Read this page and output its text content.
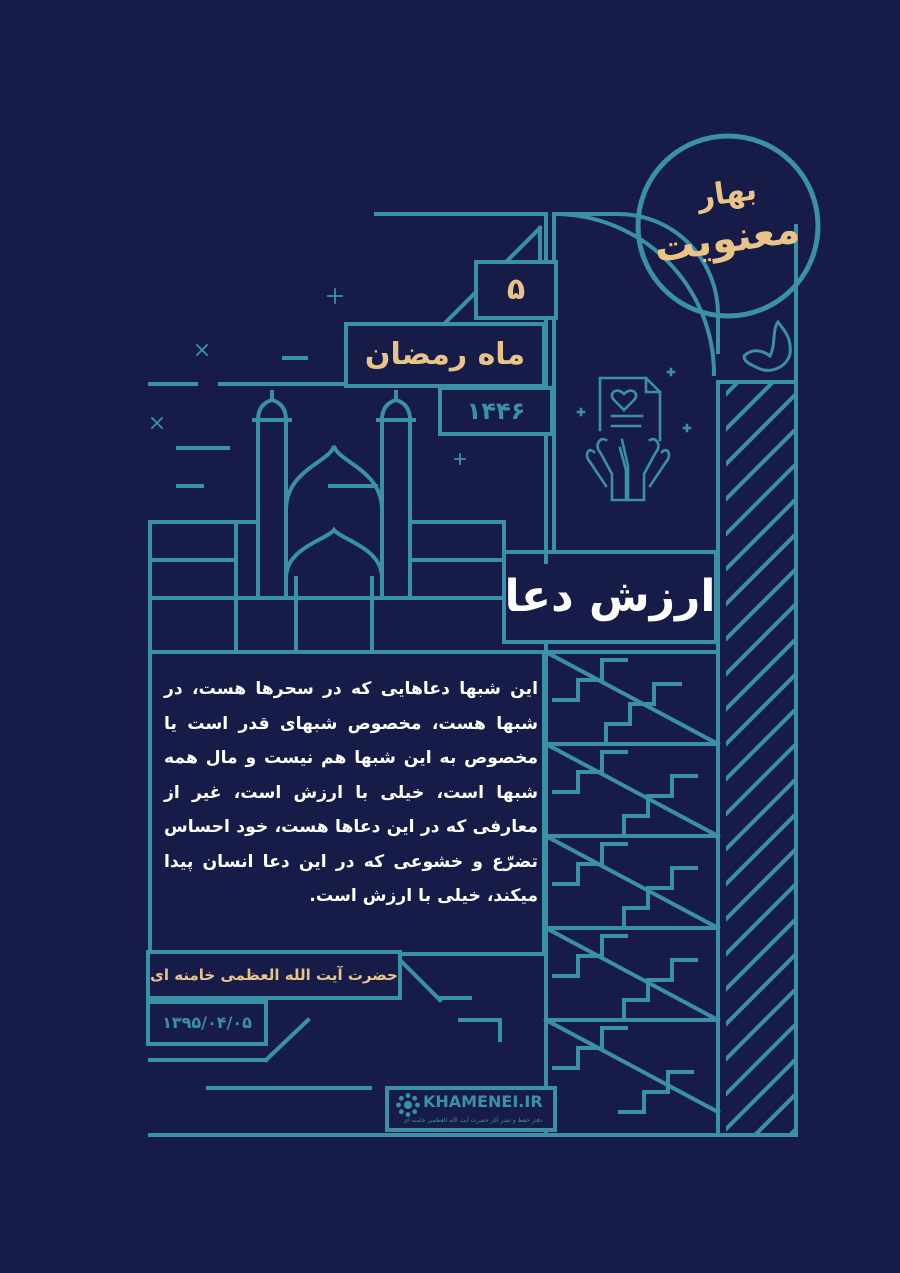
بهار
معنویت
۵
ماه رمضان
۱۴۴۶
ارزش دعا
این شبها دعاهایی که در سحرها هست، در شبها هست، مخصوص شبهای قدر است یا مخصوص به این شبها هم نیست و مال همه شبها است، خیلی با ارزش است، غیر از معارفی که در این دعاها هست، خود احساس تضرّع و خشوعی که در این دعا انسان پیدا میکند، خیلی با ارزش است.
حضرت آیت الله العظمی خامنه ای
۱۳۹۵/۰۴/۰۵
KHAMENEI.IR
دفتر حفظ و نشر آثار حضرت آیت الله العظمی خامنه ای
